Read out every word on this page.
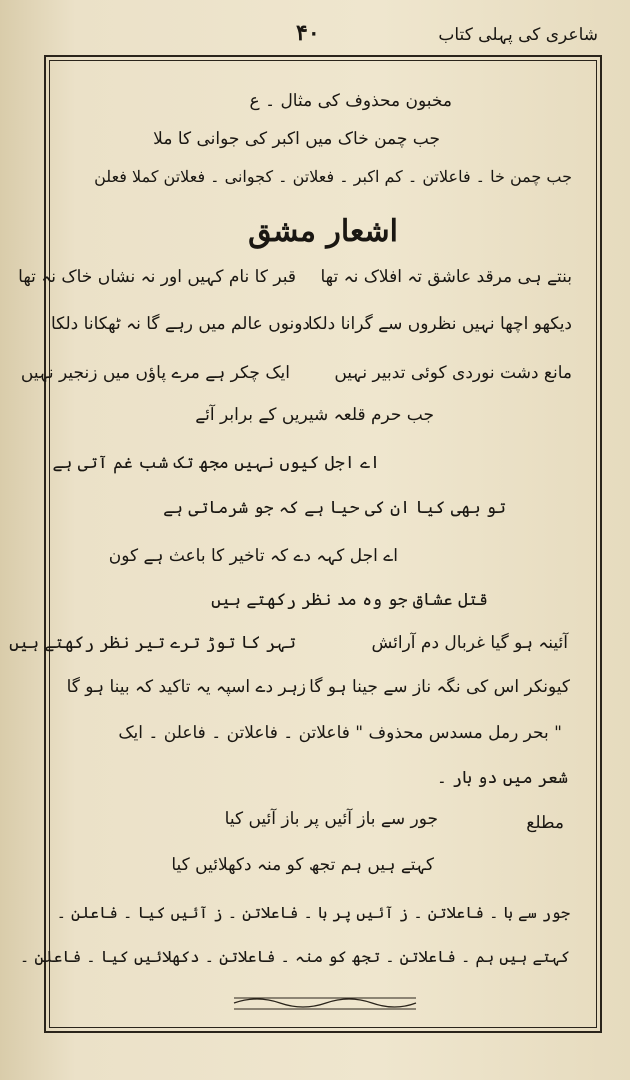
شاعری کی پہلی کتاب
۴۰
مخبون محذوف کی مثال ۔ ع
جب چمن خاک میں اکبر کی جوانی کا ملا
جب چمن خا ۔ فاعلاتن ۔ کم اکبر ۔ فعلاتن ۔ کجوانی ۔ فعلاتن کملا فعلن
اشعار مشق
بنتے ہی مرقد عاشق تہ افلاک نہ تھا
قبر کا نام کہیں اور نہ نشاں خاک نہ تھا
دیکھو اچھا نہیں نظروں سے گرانا دلکا
دونوں عالم میں رہے گا نہ ٹھکانا دلکا
مانع دشت نوردی کوئی تدبیر نہیں
ایک چکر ہے مرے پاؤں میں زنجیر نہیں
جب حرم قلعہ شیریں کے برابر آئے
اے اجل کیوں نہیں مجھ تک شب غم آتی ہے
تو بھی کیا ان کی حیا ہے کہ جو شرماتی ہے
اے اجل کہہ دے کہ تاخیر کا باعث ہے کون
قتل عشاق جو وہ مد نظر رکھتے ہیں
آئینہ ہو گیا غربال دم آرائش
تہر کا توڑ ترے تیر نظر رکھتے ہیں
کیونکر اس کی نگہ ناز سے جینا ہو گا
زہر دے اسپہ یہ تاکید کہ بینا ہو گا
" بحر رمل مسدس محذوف " فاعلاتن ۔ فاعلاتن ۔ فاعلن ۔ ایک
شعر میں دو بار ۔
مطلع
جور سے باز آئیں پر باز آئیں کیا
کہتے ہیں ہم تجھ کو منہ دکھلائیں کیا
جور سے با ۔ فاعلاتن ۔ ز آئیں پر با ۔ فاعلاتن ۔ ز آئیں کیا ۔ فاعلن ۔
کہتے ہیں ہم ۔ فاعلاتن ۔ تجھ کو منہ ۔ فاعلاتن ۔ دکھلائیں کیا ۔ فاعلن ۔
